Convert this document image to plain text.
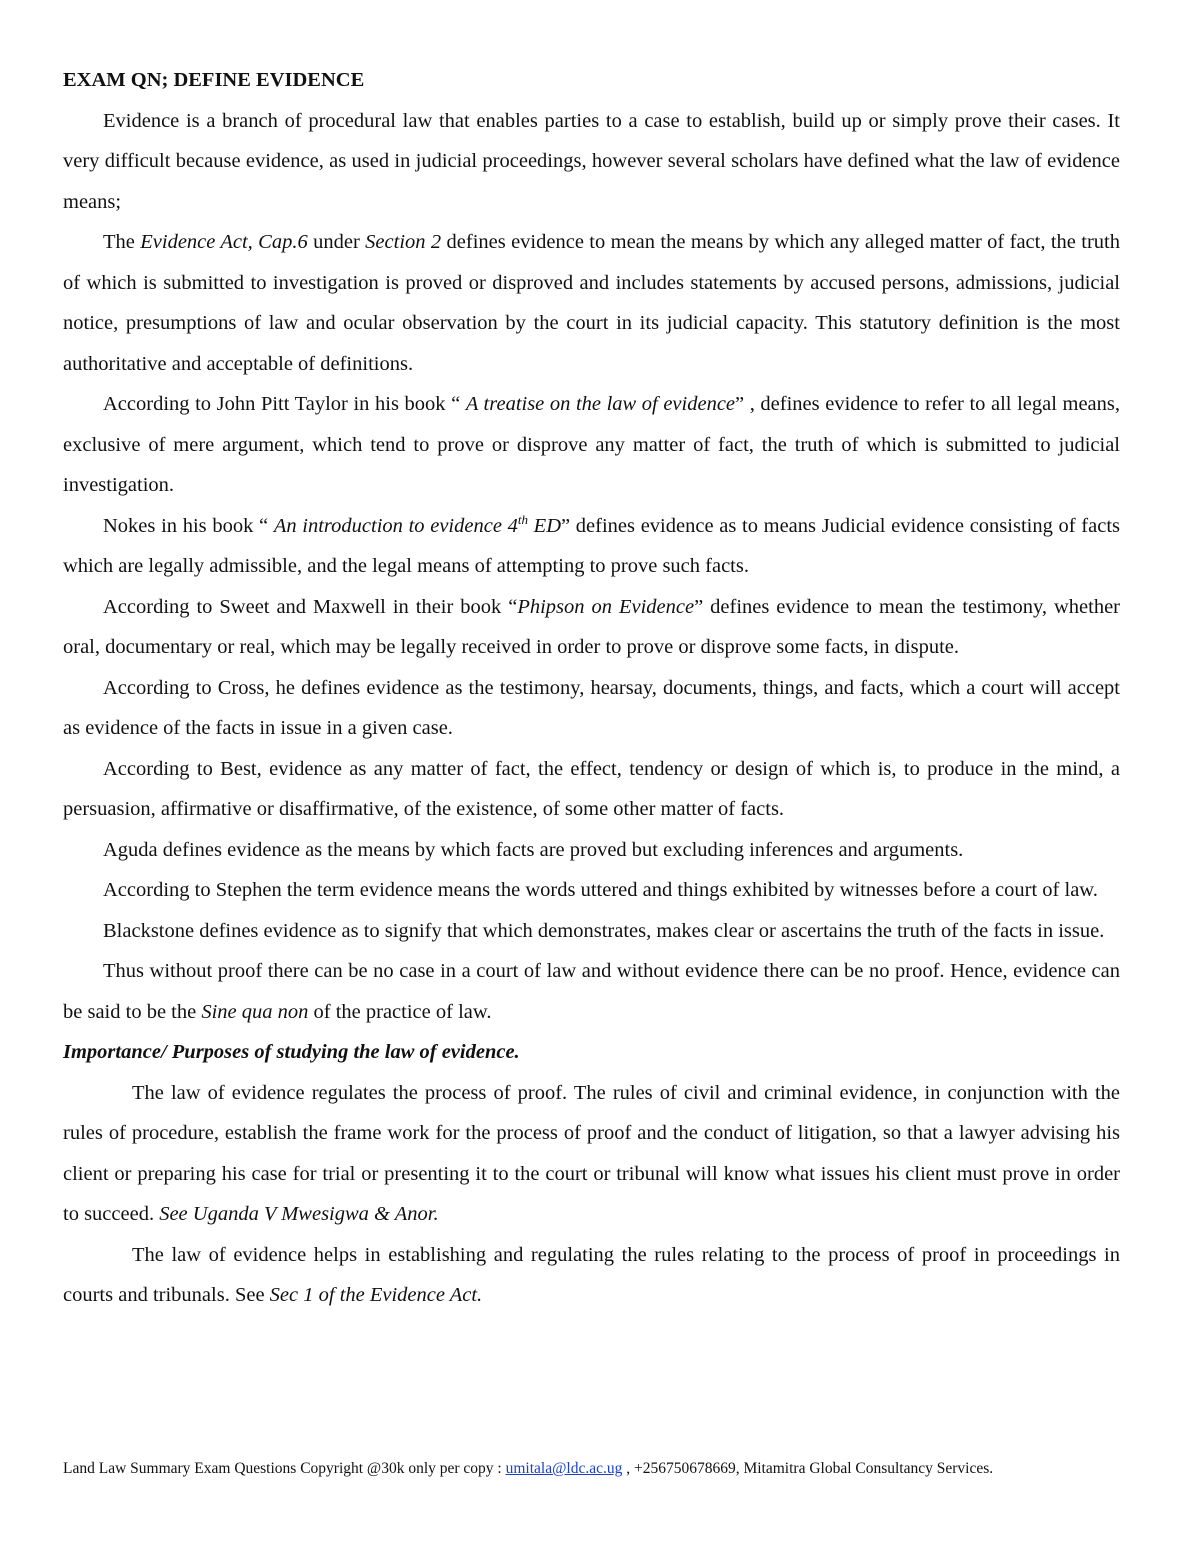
EXAM QN; DEFINE EVIDENCE

Evidence is a branch of procedural law that enables parties to a case to establish, build up or simply prove their cases. It very difficult because evidence, as used in judicial proceedings, however several scholars have defined what the law of evidence means;

The Evidence Act, Cap.6 under Section 2 defines evidence to mean the means by which any alleged matter of fact, the truth of which is submitted to investigation is proved or disproved and includes statements by accused persons, admissions, judicial notice, presumptions of law and ocular observation by the court in its judicial capacity. This statutory definition is the most authoritative and acceptable of definitions.

According to John Pitt Taylor in his book “ A treatise on the law of evidence” , defines evidence to refer to all legal means, exclusive of mere argument, which tend to prove or disprove any matter of fact, the truth of which is submitted to judicial investigation.

Nokes in his book “ An introduction to evidence 4th ED” defines evidence as to means Judicial evidence consisting of facts which are legally admissible, and the legal means of attempting to prove such facts.

According to Sweet and Maxwell in their book “Phipson on Evidence” defines evidence to mean the testimony, whether oral, documentary or real, which may be legally received in order to prove or disprove some facts, in dispute.

According to Cross, he defines evidence as the testimony, hearsay, documents, things, and facts, which a court will accept as evidence of the facts in issue in a given case.

According to Best, evidence as any matter of fact, the effect, tendency or design of which is, to produce in the mind, a persuasion, affirmative or disaffirmative, of the existence, of some other matter of facts.

Aguda defines evidence as the means by which facts are proved but excluding inferences and arguments.

According to Stephen the term evidence means the words uttered and things exhibited by witnesses before a court of law.

Blackstone defines evidence as to signify that which demonstrates, makes clear or ascertains the truth of the facts in issue.

Thus without proof there can be no case in a court of law and without evidence there can be no proof. Hence, evidence can be said to be the Sine qua non of the practice of law.

Importance/ Purposes of studying the law of evidence.

The law of evidence regulates the process of proof. The rules of civil and criminal evidence, in conjunction with the rules of procedure, establish the frame work for the process of proof and the conduct of litigation, so that a lawyer advising his client or preparing his case for trial or presenting it to the court or tribunal will know what issues his client must prove in order to succeed. See Uganda V Mwesigwa & Anor.

The law of evidence helps in establishing and regulating the rules relating to the process of proof in proceedings in courts and tribunals. See Sec 1 of the Evidence Act.

Land Law Summary Exam Questions Copyright @30k only per copy : umitala@ldc.ac.ug , +256750678669, Mitamitra Global Consultancy Services.
